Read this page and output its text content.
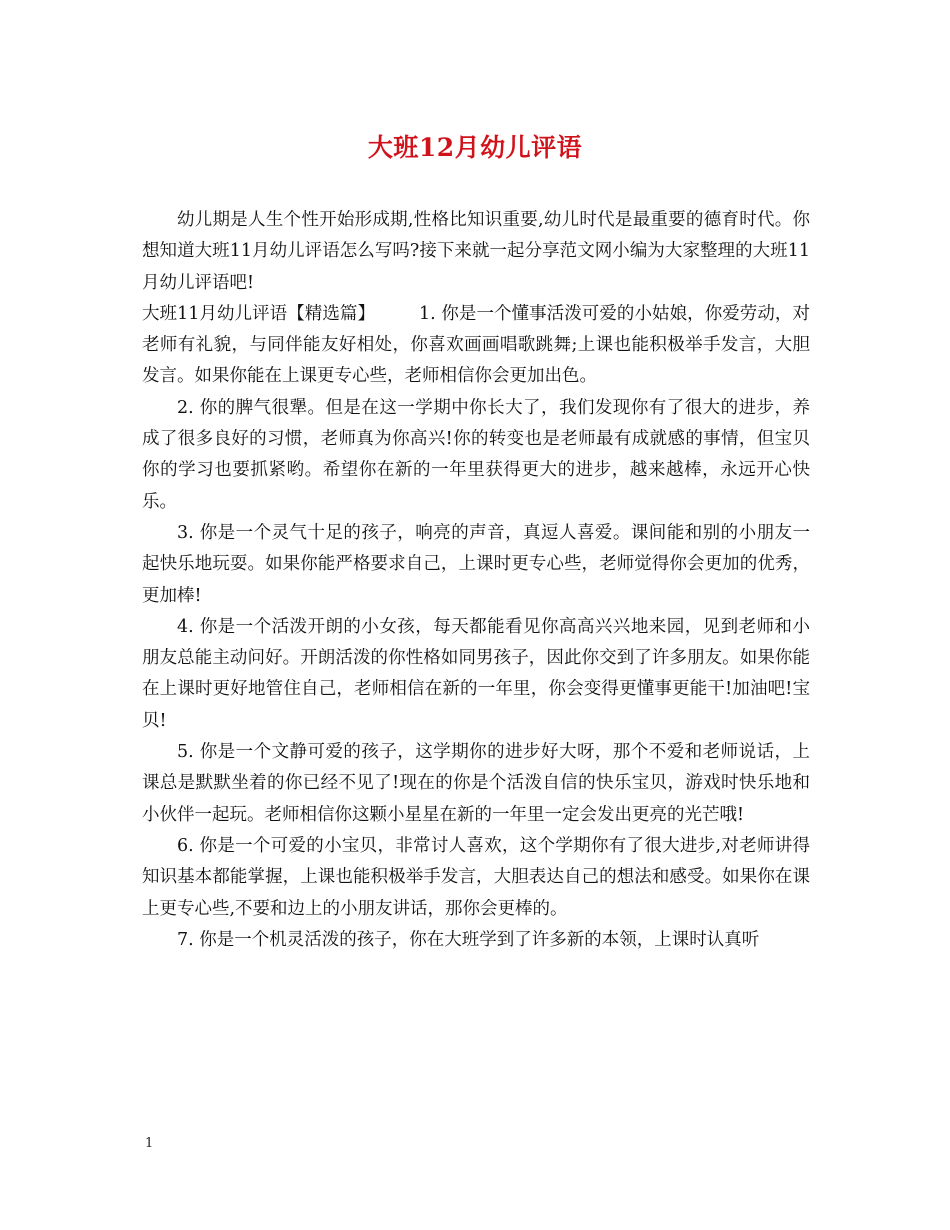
大班12月幼儿评语

幼儿期是人生个性开始形成期,性格比知识重要,幼儿时代是最重要的德育时代。你想知道大班11月幼儿评语怎么写吗?接下来就一起分享范文网小编为大家整理的大班11月幼儿评语吧!

大班11月幼儿评语【精选篇】	1. 你是一个懂事活泼可爱的小姑娘，你爱劳动，对老师有礼貌，与同伴能友好相处，你喜欢画画唱歌跳舞;上课也能积极举手发言，大胆发言。如果你能在上课更专心些，老师相信你会更加出色。

2. 你的脾气很犟。但是在这一学期中你长大了，我们发现你有了很大的进步，养成了很多良好的习惯，老师真为你高兴!你的转变也是老师最有成就感的事情，但宝贝你的学习也要抓紧哟。希望你在新的一年里获得更大的进步，越来越棒，永远开心快乐。

3. 你是一个灵气十足的孩子，响亮的声音，真逗人喜爱。课间能和别的小朋友一起快乐地玩耍。如果你能严格要求自己，上课时更专心些，老师觉得你会更加的优秀，更加棒!

4. 你是一个活泼开朗的小女孩，每天都能看见你高高兴兴地来园，见到老师和小朋友总能主动问好。开朗活泼的你性格如同男孩子，因此你交到了许多朋友。如果你能在上课时更好地管住自己，老师相信在新的一年里，你会变得更懂事更能干!加油吧!宝贝!

5. 你是一个文静可爱的孩子，这学期你的进步好大呀，那个不爱和老师说话，上课总是默默坐着的你已经不见了!现在的你是个活泼自信的快乐宝贝，游戏时快乐地和小伙伴一起玩。老师相信你这颗小星星在新的一年里一定会发出更亮的光芒哦!

6. 你是一个可爱的小宝贝，非常讨人喜欢，这个学期你有了很大进步,对老师讲得知识基本都能掌握，上课也能积极举手发言，大胆表达自己的想法和感受。如果你在课上更专心些,不要和边上的小朋友讲话，那你会更棒的。

7. 你是一个机灵活泼的孩子，你在大班学到了许多新的本领，上课时认真听

1
